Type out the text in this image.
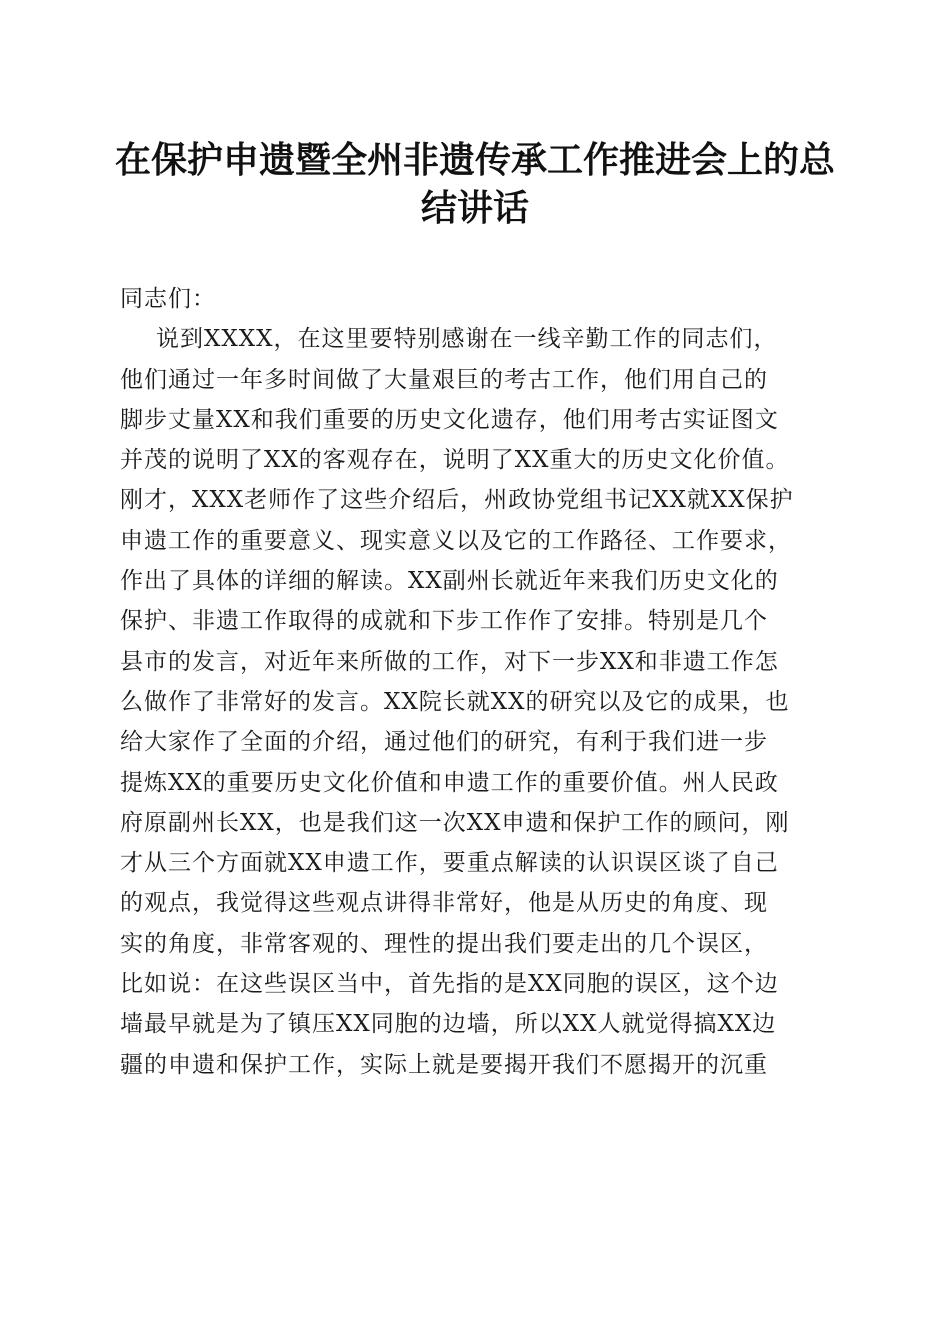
在保护申遗暨全州非遗传承工作推进会上的总
结讲话
同志们：
说到XXXX，在这里要特别感谢在一线辛勤工作的同志们，
他们通过一年多时间做了大量艰巨的考古工作，他们用自己的
脚步丈量XX和我们重要的历史文化遗存，他们用考古实证图文
并茂的说明了XX的客观存在，说明了XX重大的历史文化价值。
刚才，XXX老师作了这些介绍后，州政协党组书记XX就XX保护
申遗工作的重要意义、现实意义以及它的工作路径、工作要求，
作出了具体的详细的解读。XX副州长就近年来我们历史文化的
保护、非遗工作取得的成就和下步工作作了安排。特别是几个
县市的发言，对近年来所做的工作，对下一步XX和非遗工作怎
么做作了非常好的发言。XX院长就XX的研究以及它的成果，也
给大家作了全面的介绍，通过他们的研究，有利于我们进一步
提炼XX的重要历史文化价值和申遗工作的重要价值。州人民政
府原副州长XX，也是我们这一次XX申遗和保护工作的顾问，刚
才从三个方面就XX申遗工作，要重点解读的认识误区谈了自己
的观点，我觉得这些观点讲得非常好，他是从历史的角度、现
实的角度，非常客观的、理性的提出我们要走出的几个误区，
比如说：在这些误区当中，首先指的是XX同胞的误区，这个边
墙最早就是为了镇压XX同胞的边墙，所以XX人就觉得搞XX边
疆的申遗和保护工作，实际上就是要揭开我们不愿揭开的沉重
